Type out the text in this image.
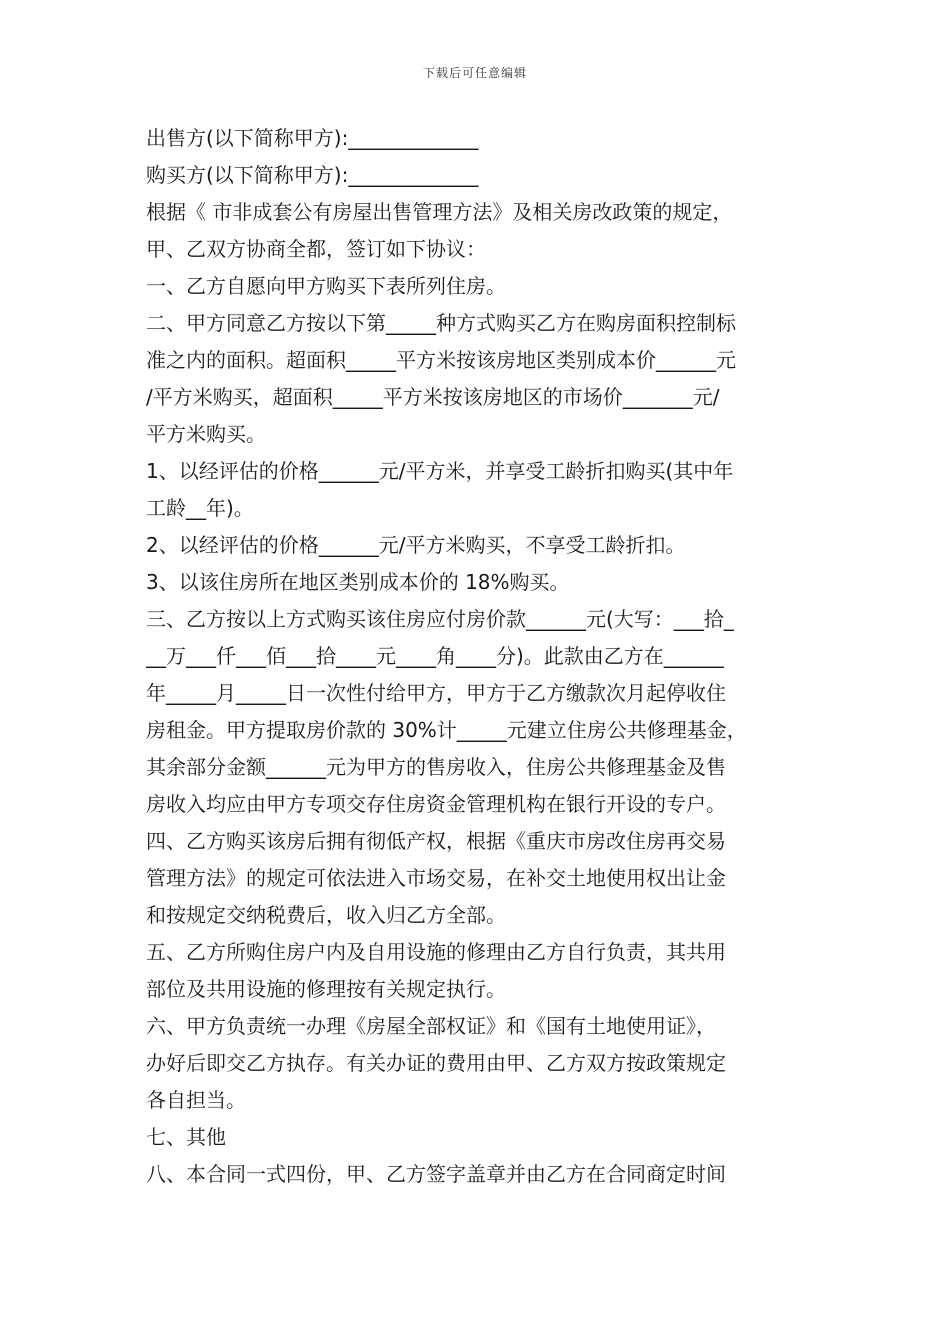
下载后可任意编辑
出售方(以下简称甲方):_____________
购买方(以下简称甲方):_____________
根据《 市非成套公有房屋出售管理方法》及相关房改政策的规定，
甲、乙双方协商全都，签订如下协议：
一、乙方自愿向甲方购买下表所列住房。
二、甲方同意乙方按以下第_____种方式购买乙方在购房面积控制标
准之内的面积。超面积_____平方米按该房地区类别成本价______元
/平方米购买，超面积_____平方米按该房地区的市场价_______元/
平方米购买。
1、以经评估的价格______元/平方米，并享受工龄折扣购买(其中年
工龄__年)。
2、以经评估的价格______元/平方米购买，不享受工龄折扣。
3、以该住房所在地区类别成本价的 18%购买。
三、乙方按以上方式购买该住房应付房价款______元(大写：___拾_
__万___仟___佰___拾____元____角____分)。此款由乙方在______
年_____月_____日一次性付给甲方，甲方于乙方缴款次月起停收住
房租金。甲方提取房价款的 30%计_____元建立住房公共修理基金，
其余部分金额______元为甲方的售房收入，住房公共修理基金及售
房收入均应由甲方专项交存住房资金管理机构在银行开设的专户。
四、乙方购买该房后拥有彻低产权，根据《重庆市房改住房再交易
管理方法》的规定可依法进入市场交易，在补交土地使用权出让金
和按规定交纳税费后，收入归乙方全部。
五、乙方所购住房户内及自用设施的修理由乙方自行负责，其共用
部位及共用设施的修理按有关规定执行。
六、甲方负责统一办理《房屋全部权证》和《国有土地使用证》，
办好后即交乙方执存。有关办证的费用由甲、乙方双方按政策规定
各自担当。
七、其他
八、本合同一式四份，甲、乙方签字盖章并由乙方在合同商定时间
